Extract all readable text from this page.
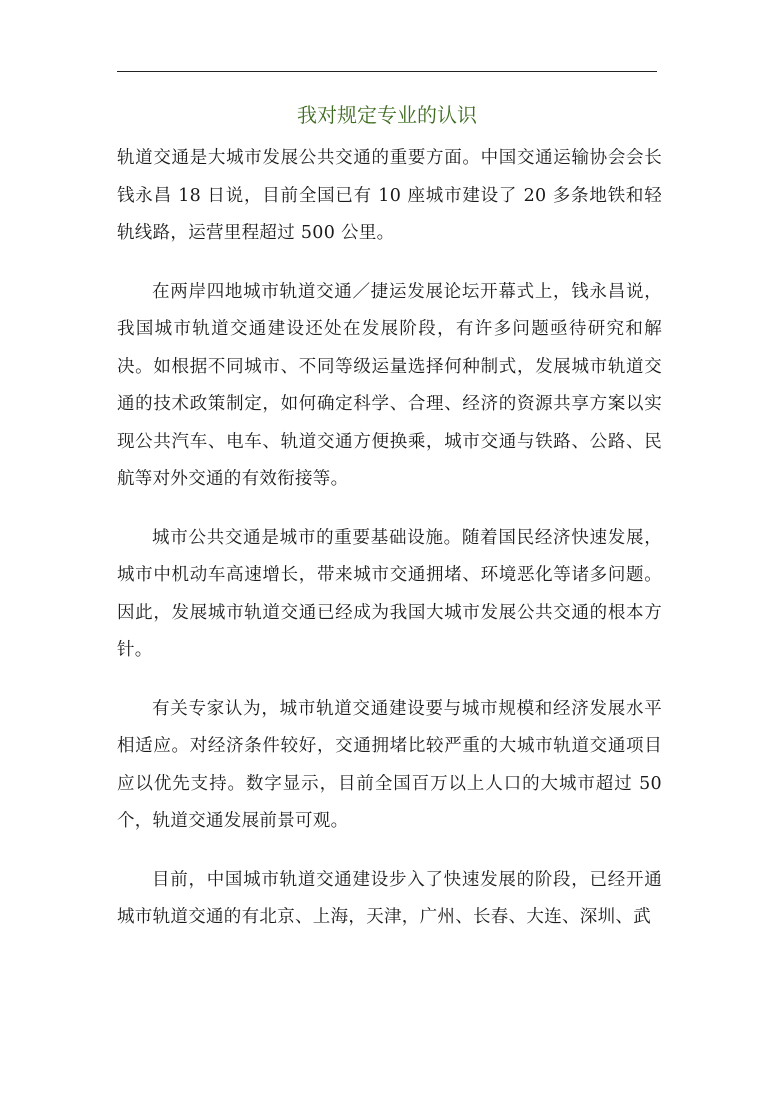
我对规定专业的认识

轨道交通是大城市发展公共交通的重要方面。中国交通运输协会会长钱永昌 18 日说，目前全国已有 10 座城市建设了 20 多条地铁和轻轨线路，运营里程超过 500 公里。

在两岸四地城市轨道交通／捷运发展论坛开幕式上，钱永昌说，我国城市轨道交通建设还处在发展阶段，有许多问题亟待研究和解决。如根据不同城市、不同等级运量选择何种制式，发展城市轨道交通的技术政策制定，如何确定科学、合理、经济的资源共享方案以实现公共汽车、电车、轨道交通方便换乘，城市交通与铁路、公路、民航等对外交通的有效衔接等。

城市公共交通是城市的重要基础设施。随着国民经济快速发展，城市中机动车高速增长，带来城市交通拥堵、环境恶化等诸多问题。因此，发展城市轨道交通已经成为我国大城市发展公共交通的根本方针。

有关专家认为，城市轨道交通建设要与城市规模和经济发展水平相适应。对经济条件较好，交通拥堵比较严重的大城市轨道交通项目应以优先支持。数字显示，目前全国百万以上人口的大城市超过 50 个，轨道交通发展前景可观。

目前，中国城市轨道交通建设步入了快速发展的阶段，已经开通城市轨道交通的有北京、上海，天津，广州、长春、大连、深圳、武
